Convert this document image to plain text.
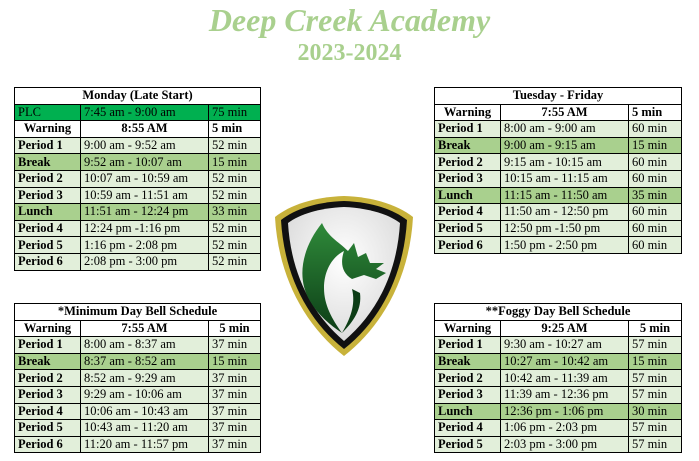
Deep Creek Academy
2023-2024
Monday (Late Start)		
PLC	7:45 am - 9:00 am	75 min
Warning	8:55 AM	5 min
Period 1	9:00 am - 9:52 am	52 min
Break	9:52 am - 10:07 am	15 min
Period 2	10:07 am - 10:59 am	52 min
Period 3	10:59 am - 11:51 am	52 min
Lunch	11:51 am - 12:24 pm	33 min
Period 4	12:24 pm -1:16 pm	52 min
Period 5	1:16 pm - 2:08 pm	52 min
Period 6	2:08 pm - 3:00 pm	52 min
Tuesday - Friday		
Warning	7:55 AM	5 min
Period 1	8:00 am - 9:00 am	60 min
Break	9:00 am - 9:15 am	15 min
Period 2	9:15 am - 10:15 am	60 min
Period 3	10:15 am - 11:15 am	60 min
Lunch	11:15 am - 11:50 am	35 min
Period 4	11:50 am - 12:50 pm	60 min
Period 5	12:50 pm -1:50 pm	60 min
Period 6	1:50 pm - 2:50 pm	60 min
*Minimum Day Bell Schedule		
Warning	7:55 AM	5 min
Period 1	8:00 am - 8:37 am	37 min
Break	8:37 am - 8:52 am	15 min
Period 2	8:52 am - 9:29 am	37 min
Period 3	9:29 am - 10:06 am	37 min
Period 4	10:06 am - 10:43 am	37 min
Period 5	10:43 am - 11:20 am	37 min
Period 6	11:20 am - 11:57 pm	37 min
**Foggy Day Bell Schedule		
Warning	9:25 AM	5 min
Period 1	9:30 am - 10:27 am	57 min
Break	10:27 am - 10:42 am	15 min
Period 2	10:42 am - 11:39 am	57 min
Period 3	11:39 am - 12:36 pm	57 min
Lunch	12:36 pm - 1:06 pm	30 min
Period 4	1:06 pm - 2:03 pm	57 min
Period 5	2:03 pm - 3:00 pm	57 min
